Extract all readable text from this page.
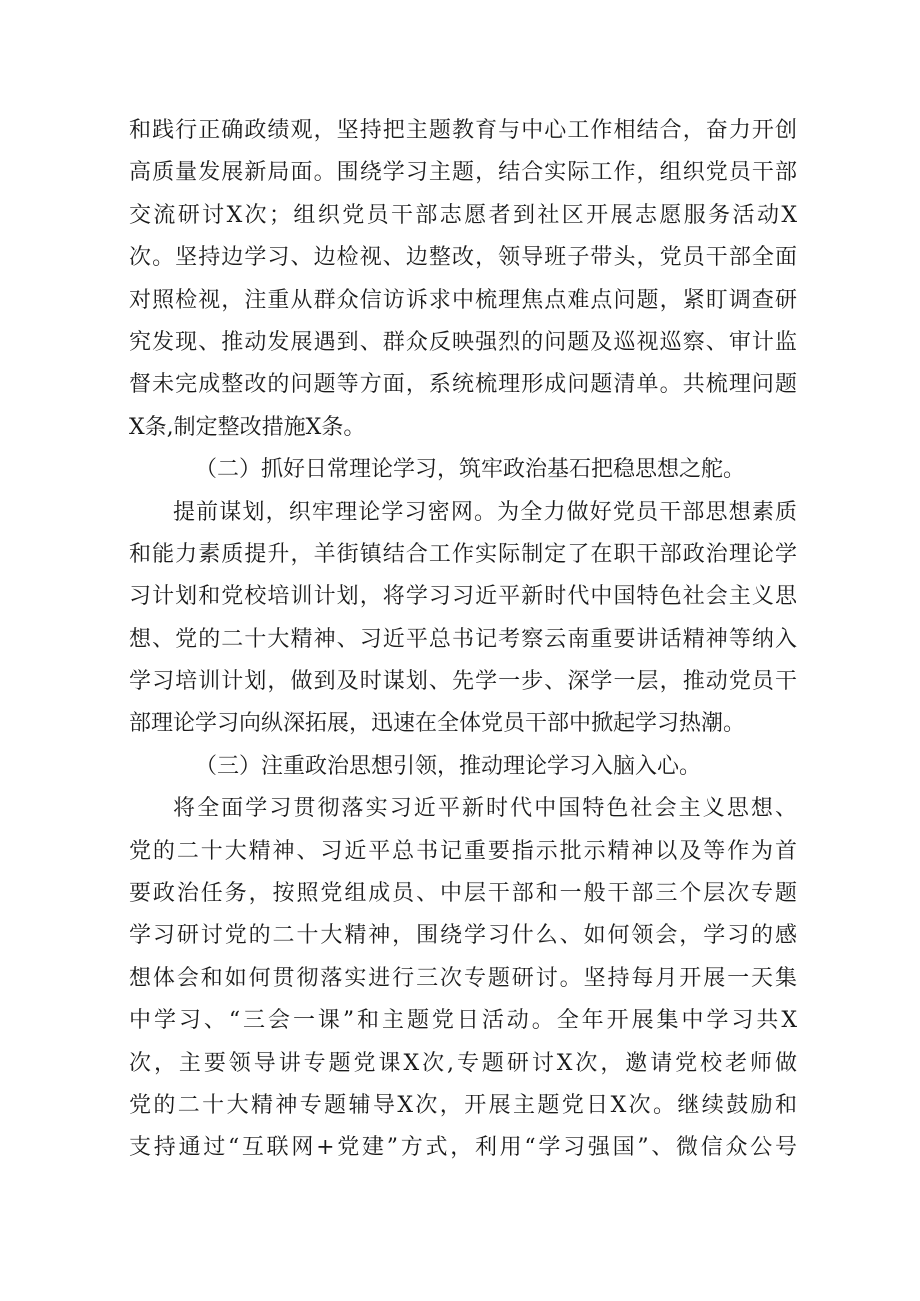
和践行正确政绩观，坚持把主题教育与中心工作相结合，奋力开创
高质量发展新局面。围绕学习主题，结合实际工作，组织党员干部
交流研讨X次；组织党员干部志愿者到社区开展志愿服务活动X
次。坚持边学习、边检视、边整改，领导班子带头，党员干部全面
对照检视，注重从群众信访诉求中梳理焦点难点问题，紧盯调查研
究发现、推动发展遇到、群众反映强烈的问题及巡视巡察、审计监
督未完成整改的问题等方面，系统梳理形成问题清单。共梳理问题
X条,制定整改措施X条。
（二）抓好日常理论学习，筑牢政治基石把稳思想之舵。
提前谋划，织牢理论学习密网。为全力做好党员干部思想素质
和能力素质提升，羊街镇结合工作实际制定了在职干部政治理论学
习计划和党校培训计划，将学习习近平新时代中国特色社会主义思
想、党的二十大精神、习近平总书记考察云南重要讲话精神等纳入
学习培训计划，做到及时谋划、先学一步、深学一层，推动党员干
部理论学习向纵深拓展，迅速在全体党员干部中掀起学习热潮。
（三）注重政治思想引领，推动理论学习入脑入心。
将全面学习贯彻落实习近平新时代中国特色社会主义思想、
党的二十大精神、习近平总书记重要指示批示精神以及等作为首
要政治任务，按照党组成员、中层干部和一般干部三个层次专题
学习研讨党的二十大精神，围绕学习什么、如何领会，学习的感
想体会和如何贯彻落实进行三次专题研讨。坚持每月开展一天集
中学习、“三会一课”和主题党日活动。全年开展集中学习共X
次，主要领导讲专题党课X次,专题研讨X次，邀请党校老师做
党的二十大精神专题辅导X次，开展主题党日X次。继续鼓励和
支持通过“互联网+党建”方式，利用“学习强国”、微信众公号
